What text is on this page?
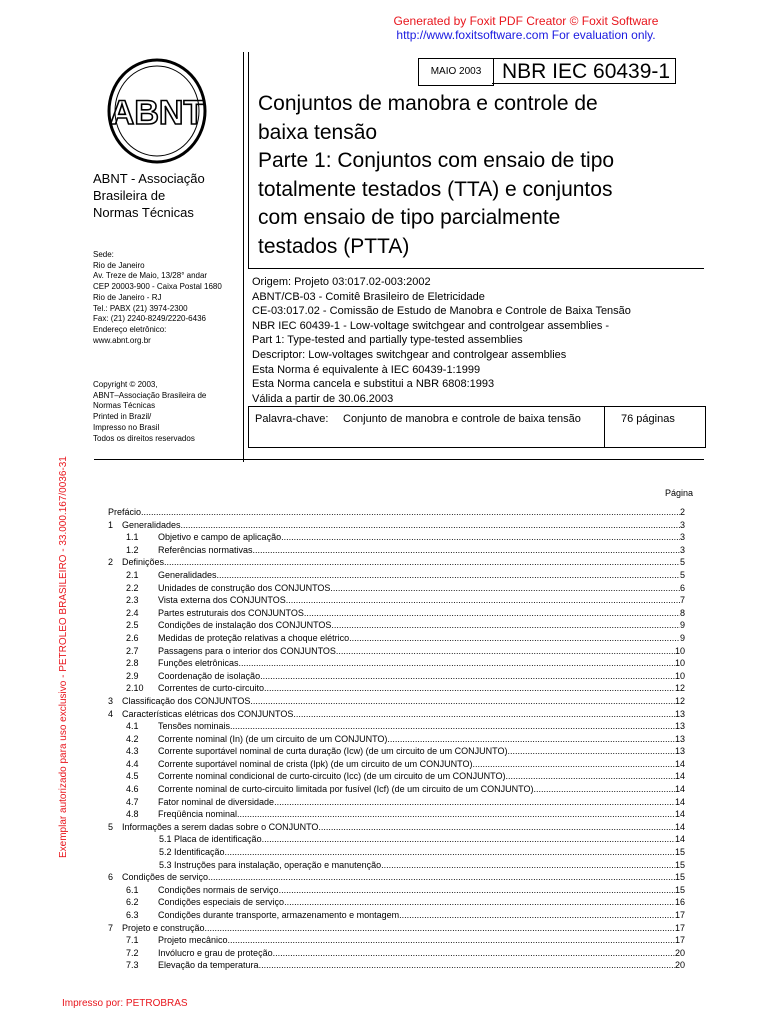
Generated by Foxit PDF Creator © Foxit Software
http://www.foxitsoftware.com For evaluation only.
ABNT
ABNT - Associação
Brasileira de
Normas Técnicas
Sede:
Rio de Janeiro
Av. Treze de Maio, 13/28° andar
CEP 20003-900 - Caixa Postal 1680
Rio de Janeiro - RJ
Tel.: PABX (21) 3974-2300
Fax: (21) 2240-8249/2220-6436
Endereço eletrônico:
www.abnt.org.br
Copyright © 2003,
ABNT–Associação Brasileira de
Normas Técnicas
Printed in Brazil/
Impresso no Brasil
Todos os direitos reservados
MAIO 2003 NBR IEC 60439-1
Conjuntos de manobra e controle de
baixa tensão
Parte 1: Conjuntos com ensaio de tipo
totalmente testados (TTA) e conjuntos
com ensaio de tipo parcialmente
testados (PTTA)
Origem: Projeto 03:017.02-003:2002
ABNT/CB-03 - Comitê Brasileiro de Eletricidade
CE-03:017.02 - Comissão de Estudo de Manobra e Controle de Baixa Tensão
NBR IEC 60439-1 - Low-voltage switchgear and controlgear assemblies -
Part 1: Type-tested and partially type-tested assemblies
Descriptor: Low-voltages switchgear and controlgear assemblies
Esta Norma é equivalente à IEC 60439-1:1999
Esta Norma cancela e substitui a NBR 6808:1993
Válida a partir de 30.06.2003
Palavra-chave: Conjunto de manobra e controle de baixa tensão	76 páginas
Exemplar autorizado para uso exclusivo - PETROLEO BRASILEIRO - 33.000.167/0036-31	Página
Prefácio .....	2
1 Generalidades .....	3
1.1	Objetivo e campo de aplicação .....	3
1.2	Referências normativas .....	3
2 Definições .....	5
2.1	Generalidades .....	5
2.2	Unidades de construção dos CONJUNTOS .....	6
2.3	Vista externa dos CONJUNTOS .....	7
2.4	Partes estruturais dos CONJUNTOS .....	8
2.5	Condições de instalação dos CONJUNTOS .....	9
2.6	Medidas de proteção relativas a choque elétrico .....	9
2.7	Passagens para o interior dos CONJUNTOS .....	10
2.8	Funções eletrônicas .....	10
2.9	Coordenação de isolação .....	10
2.10	Correntes de curto-circuito .....	12
3 Classificação dos CONJUNTOS .....	12
4 Características elétricas dos CONJUNTOS .....	13
4.1	Tensões nominais .....	13
4.2	Corrente nominal (In) (de um circuito de um CONJUNTO) .....	13
4.3	Corrente suportável nominal de curta duração (Icw) (de um circuito de um CONJUNTO) .....	13
4.4	Corrente suportável nominal de crista (Ipk) (de um circuito de um CONJUNTO) .....	14
4.5	Corrente nominal condicional de curto-circuito (Icc) (de um circuito de um CONJUNTO) .....	14
4.6	Corrente nominal de curto-circuito limitada por fusível (Icf) (de um circuito de um CONJUNTO) .....	14
4.7	Fator nominal de diversidade .....	14
4.8	Freqüência nominal .....	14
5 Informações a serem dadas sobre o CONJUNTO .....	14
5.1 Placa de identificação .....	14
5.2 Identificação .....	15
5.3 Instruções para instalação, operação e manutenção .....	15
6 Condições de serviço .....	15
6.1	Condições normais de serviço .....	15
6.2	Condições especiais de serviço .....	16
6.3	Condições durante transporte, armazenamento e montagem .....	17
7 Projeto e construção .....	17
7.1	Projeto mecânico .....	17
7.2	Invólucro e grau de proteção .....	20
7.3	Elevação da temperatura .....	20
Impresso por: PETROBRAS
